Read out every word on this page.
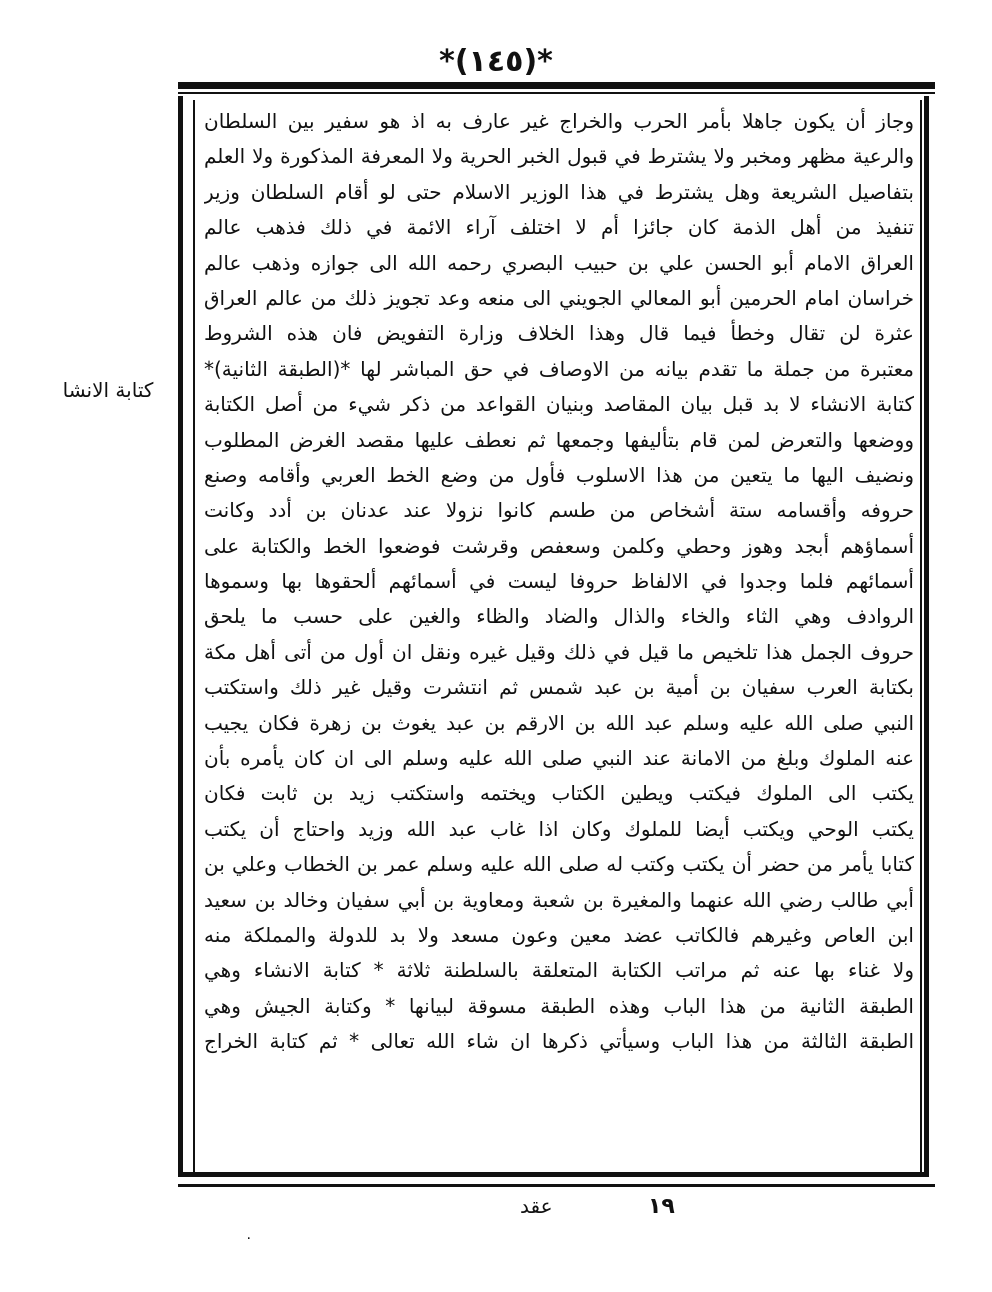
*(١٤٥)*
كتابة الانشا
وجاز أن يكون جاهلا بأمر الحرب والخراج غير عارف به اذ هو سفير بين السلطان
والرعية مظهر ومخبر ولا يشترط في قبول الخبر الحرية ولا المعرفة المذكورة ولا العلم
بتفاصيل الشريعة وهل يشترط في هذا الوزير الاسلام حتى لو أقام السلطان وزير
تنفيذ من أهل الذمة كان جائزا أم لا اختلف آراء الائمة في ذلك فذهب عالم
العراق الامام أبو الحسن علي بن حبيب البصري رحمه الله الى جوازه وذهب عالم
خراسان امام الحرمين أبو المعالي الجويني الى منعه وعد تجويز ذلك من عالم العراق
عثرة لن تقال وخطأ فيما قال وهذا الخلاف وزارة التفويض فان هذه الشروط
معتبرة من جملة ما تقدم بيانه من الاوصاف في حق المباشر لها *(الطبقة الثانية)*
كتابة الانشاء لا بد قبل بيان المقاصد وبنيان القواعد من ذكر شيء من أصل الكتابة
ووضعها والتعرض لمن قام بتأليفها وجمعها ثم نعطف عليها مقصد الغرض المطلوب
ونضيف اليها ما يتعين من هذا الاسلوب فأول من وضع الخط العربي وأقامه وصنع
حروفه وأقسامه ستة أشخاص من طسم كانوا نزولا عند عدنان بن أدد وكانت
أسماؤهم أبجد وهوز وحطي وكلمن وسعفص وقرشت فوضعوا الخط والكتابة على
أسمائهم فلما وجدوا في الالفاظ حروفا ليست في أسمائهم ألحقوها بها وسموها
الروادف وهي الثاء والخاء والذال والضاد والظاء والغين على حسب ما يلحق
حروف الجمل هذا تلخيص ما قيل في ذلك وقيل غيره ونقل ان أول من أتى أهل مكة
بكتابة العرب سفيان بن أمية بن عبد شمس ثم انتشرت وقيل غير ذلك واستكتب
النبي صلى الله عليه وسلم عبد الله بن الارقم بن عبد يغوث بن زهرة فكان يجيب
عنه الملوك وبلغ من الامانة عند النبي صلى الله عليه وسلم الى ان كان يأمره بأن
يكتب الى الملوك فيكتب ويطين الكتاب ويختمه واستكتب زيد بن ثابت فكان
يكتب الوحي ويكتب أيضا للملوك وكان اذا غاب عبد الله وزيد واحتاج أن يكتب
كتابا يأمر من حضر أن يكتب وكتب له صلى الله عليه وسلم عمر بن الخطاب وعلي بن
أبي طالب رضي الله عنهما والمغيرة بن شعبة ومعاوية بن أبي سفيان وخالد بن سعيد
ابن العاص وغيرهم فالكاتب عضد معين وعون مسعد ولا بد للدولة والمملكة منه
ولا غناء بها عنه ثم مراتب الكتابة المتعلقة بالسلطنة ثلاثة * كتابة الانشاء وهي
الطبقة الثانية من هذا الباب وهذه الطبقة مسوقة لبيانها * وكتابة الجيش وهي
الطبقة الثالثة من هذا الباب وسيأتي ذكرها ان شاء الله تعالى * ثم كتابة الخراج
عقد	١٩
٠
